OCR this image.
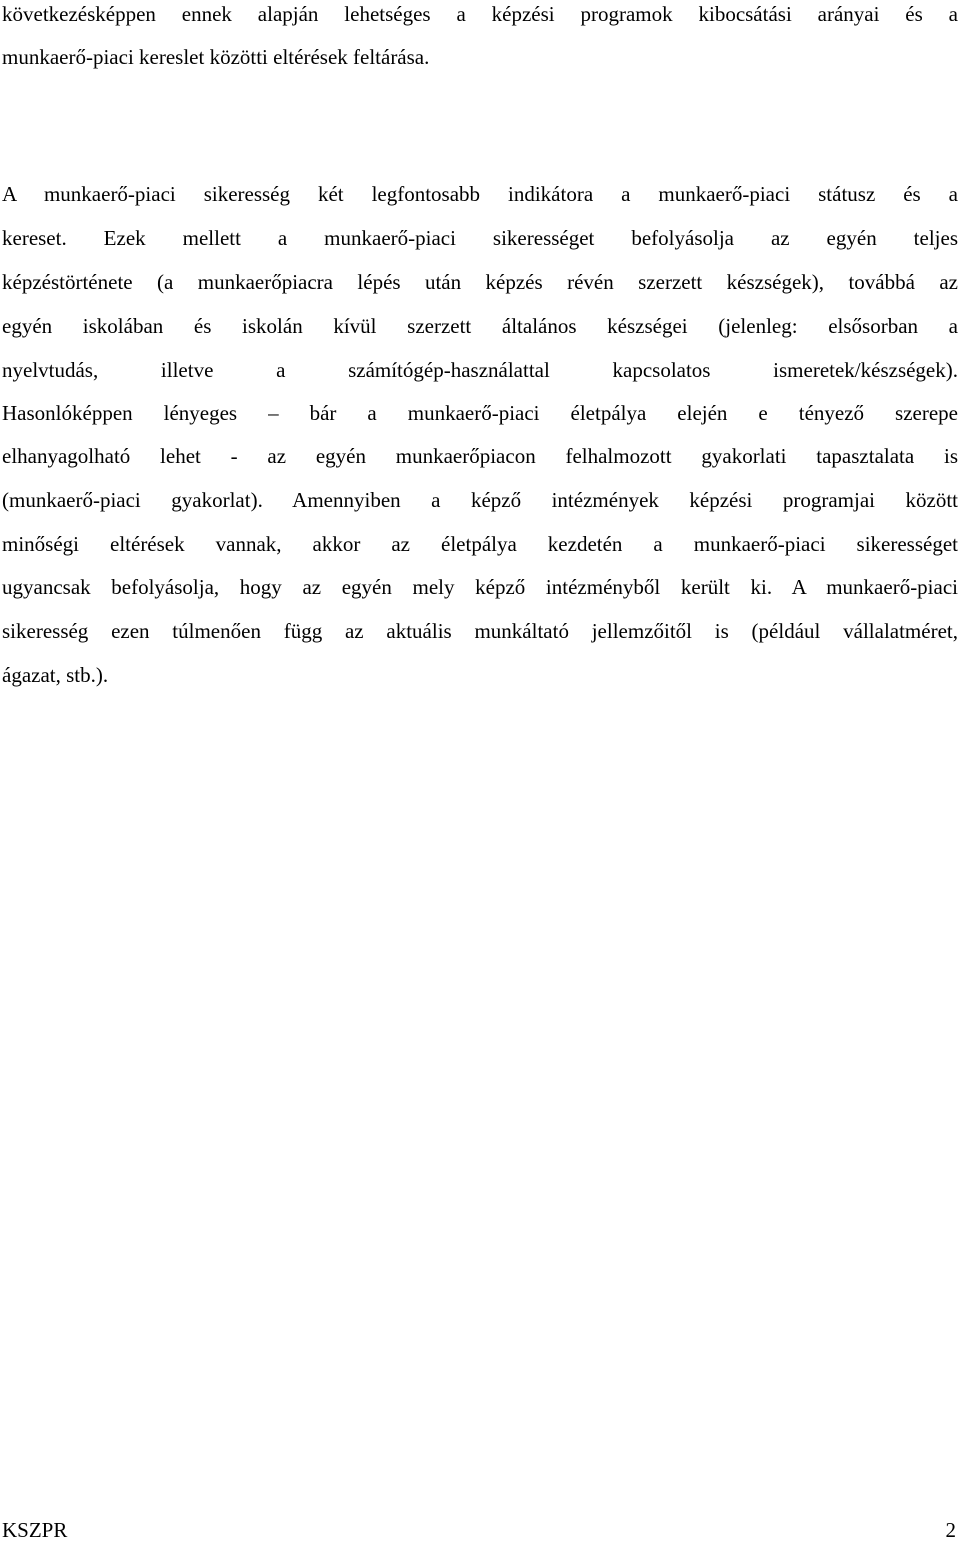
következésképpen ennek alapján lehetséges a képzési programok kibocsátási arányai és a
munkaerő-piaci kereslet közötti eltérések feltárása.
A munkaerő-piaci sikeresség két legfontosabb indikátora a munkaerő-piaci státusz és a
kereset. Ezek mellett a munkaerő-piaci sikerességet befolyásolja az egyén teljes
képzéstörténete (a munkaerőpiacra lépés után képzés révén szerzett készségek), továbbá az
egyén iskolában és iskolán kívül szerzett általános készségei (jelenleg: elsősorban a
nyelvtudás, illetve a számítógép-használattal kapcsolatos ismeretek/készségek).
Hasonlóképpen lényeges – bár a munkaerő-piaci életpálya elején e tényező szerepe
elhanyagolható lehet - az egyén munkaerőpiacon felhalmozott gyakorlati tapasztalata is
(munkaerő-piaci gyakorlat). Amennyiben a képző intézmények képzési programjai között
minőségi eltérések vannak, akkor az életpálya kezdetén a munkaerő-piaci sikerességet
ugyancsak befolyásolja, hogy az egyén mely képző intézményből került ki. A munkaerő-piaci
sikeresség ezen túlmenően függ az aktuális munkáltató jellemzőitől is (például vállalatméret,
ágazat, stb.).
KSZPR	2
